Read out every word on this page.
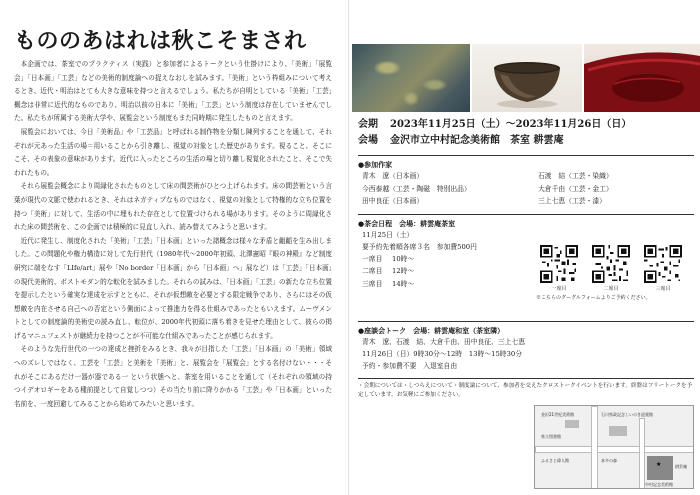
もののあはれは秋こそまされ

本企画では、茶室でのプラクティス（実践）と参加者によるトークという仕掛けにより、「美術」「展覧会」「日本画」「工芸」などの美術的制度論への捉えなおしを試みます。「美術」という枠組みについて考えるとき、近代・明治はとても大きな意味を持つと言えるでしょう。私たちが自明としている「美術」「工芸」概念は非常に近代的なものであり、明治以前の日本に「美術」「工芸」という制度は存在していませんでした。私たちが所属する美術大学や、展覧会という制度もまた同時期に発生したものと言えます。

展覧会においては、今日「美術品」や「工芸品」と呼ばれる制作物を分類し陳列することを通して、それぞれが元あった生活の場＝用いることから引き離し、視覚の対象とした歴史があります。視ること、そこにこそ、その表象の意味があります。近代に入ったところの生活の場と切り離し視覚化されたこと、そこで失われたもの。

それら展覧会概念により周縁化されたものとして床の間芸術がひとつ上げられます。床の間芸術という言葉が現代の文脈で使われるとき、それはネガティブなものではなく、視覚の対象として特権的な立ち位置を持つ「美術」に対して、生活の中に埋もれた存在として位置づけられる場があります。そのように周縁化された床の間芸術を、この企画では積極的に見直し入れ、読み替えてみようと思います。

近代に発生し、制度化された「美術」「工芸」「日本画」といった諸概念は様々な矛盾と齟齬を生み出しました。この問題化や権力構造に対して先行世代（1980年代〜2000年初頭、北澤憲昭『眼の神殿』など制度研究に端をなす「LIfe/art」展や「No border「日本画」から「日本画」へ」展など）は「工芸」「日本画」の現代美術的、ポストモダン的な転化を試みました。それらの試みは、「日本画」「工芸」の新たな立ち位置を提示したという確実な達成を示すとともに、それが仮想敵を必要とする限定戦争であり、さらにはその仮想敵を内在させる自己への否定という側面によって推進力を得る仕組みであったともいえます。ムーヴメントとしての制度論的美術史の読み直し、転位が、2000年代初頭に落ち着きを見せた理由として、彼らの掲げるマニュフェストが継続力を持つことが不可能な仕組みであったことが感じられます。

そのような先行世代の一つの達成と挫折をみるとき、我々が目指した「工芸」「日本画」の「美術」領域へのズレしではなく、工芸を「工芸」と美術を「美術」と、展覧会を「展覧会」とする名付けない・・・それがそこにあるだけ一器が器である一 という状態へと、茶室を用いることを通して（それぞれの領域の持つイデオロギーをある種前提として自覚しつつ）その当たり前に降りかかる「工芸」や「日本画」といった名前を、一度回避してみることから始めてみたいと思います。

会期 2023年11月25日（土）〜2023年11月26日（日）
会場 金沢市立中村記念美術館　茶室 耕雲庵
●参加作家
青木　遼（日本画）	石渡　結（工芸・染織）
今西泰越（工芸・陶磁　特別出品）	大倉千由（工芸・金工）
田中良征（日本画）	三上七恵（工芸・漆）
●茶会日程　会場：耕雲庵茶室
11月25日（土）
要予約先着順各席３名　参加費500円
一席目 10時〜
二席目 12時〜
三席目 14時〜
一席目	二席目	三席目
※こちらのグーグルフォームよりご予約ください。
●座談会トーク　会場：耕雲庵和室（茶室隣）
青木　遼、石渡　結、大倉千由、田中良征、三上七恵
11月26日（日）9時30分〜12時　13時〜15時30分
予約・参加費不要　入退室自由
・会期については・しつらえについて・制度論について、参加者を交えたクロストークイベントを行います。終盤はフリートークを予定しています。お気軽にご参加ください。
金沢21世紀美術館	石川県政記念しいのき迎賓館
県立図書館
ふるさと偉人館	本多の森
中村記念美術館
耕雲庵
★
